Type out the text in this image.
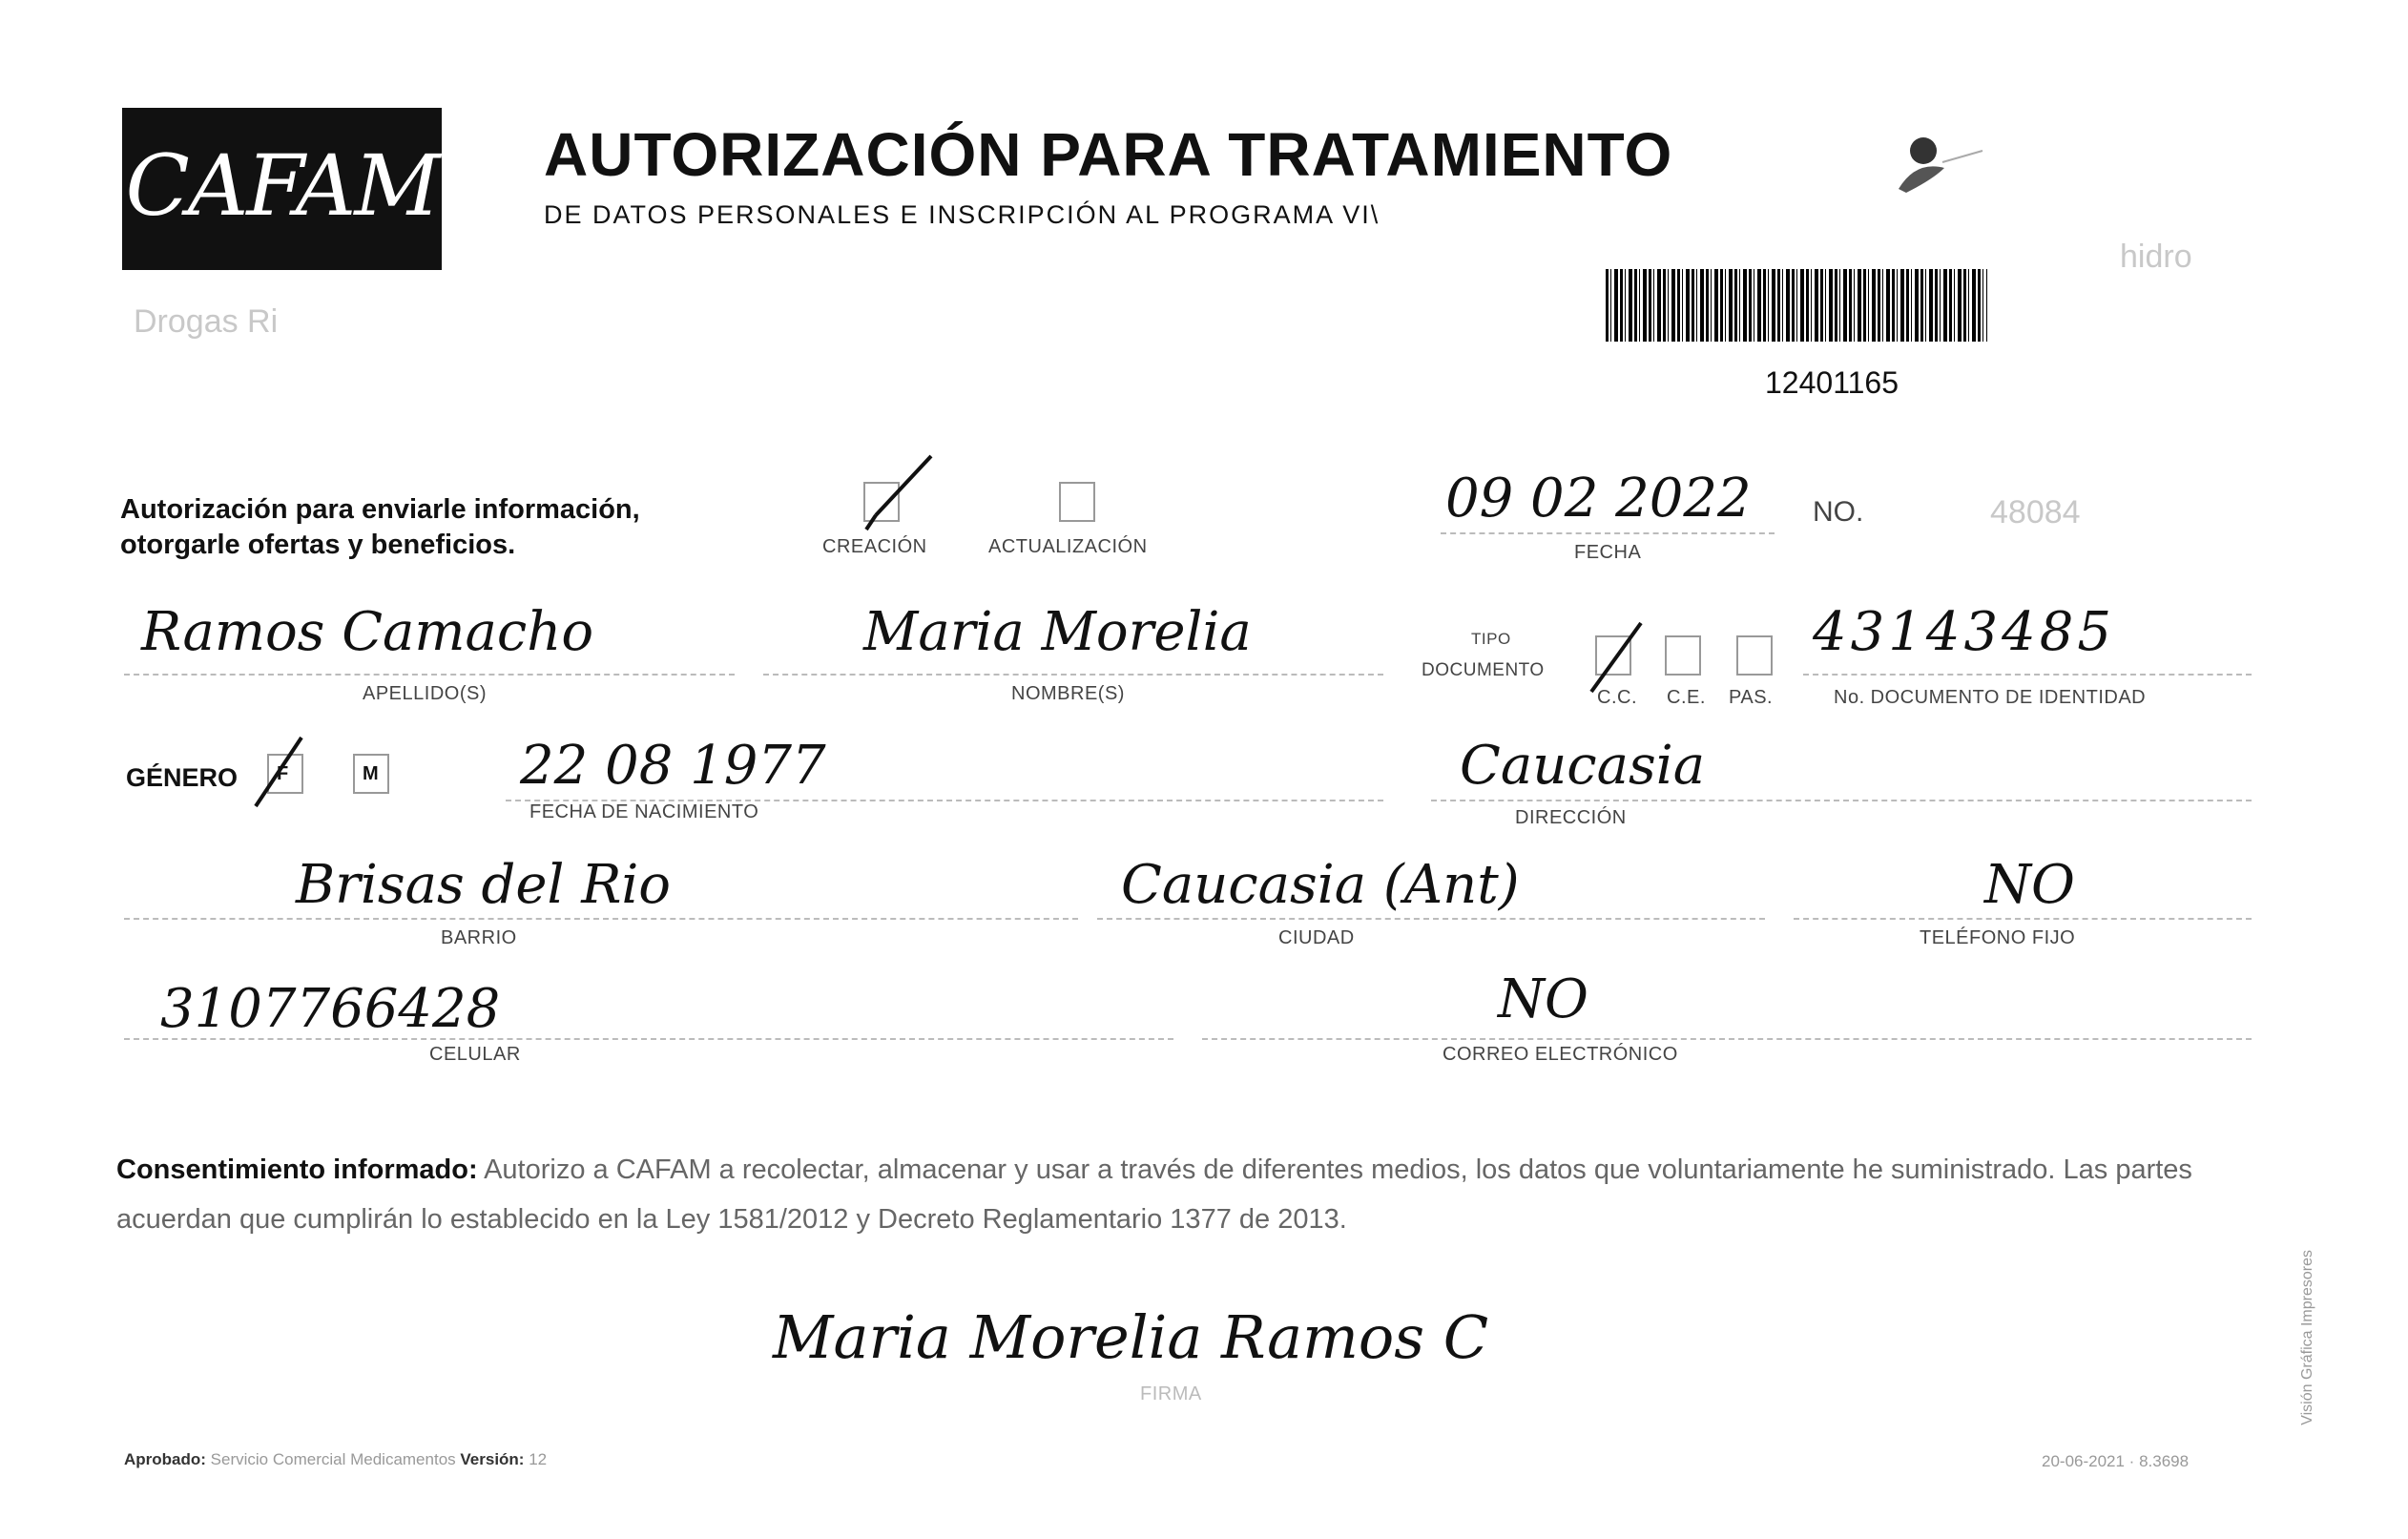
CAFAM AUTORIZACIÓN PARA TRATAMIENTO
DE DATOS PERSONALES E INSCRIPCIÓN AL PROGRAMA VI\
Drogas Ri
hidro
12401165
Autorización para enviarle información,
otorgarle ofertas y beneficios.	CREACIÓN	ACTUALIZACIÓN
09 02 2022
FECHA
NO.	48084
Ramos Camacho
APELLIDO(S)
Maria Morelia
NOMBRE(S)
TIPO
DOCUMENTO
C.C. C.E. PAS.
43143485
No. DOCUMENTO DE IDENTIDAD
GÉNERO F	M	22 08 1977
FECHA DE NACIMIENTO
Caucasia
DIRECCIÓN
Brisas del Rio
BARRIO
Caucasia (Ant)
CIUDAD
NO
TELÉFONO FIJO
3107766428
CELULAR
NO
CORREO ELECTRÓNICO
Consentimiento informado: Autorizo a CAFAM a recolectar, almacenar y usar a través de diferentes medios, los datos que voluntariamente he suministrado. Las partes acuerdan que cumplirán lo establecido en la Ley 1581/2012 y Decreto Reglamentario 1377 de 2013.
Maria Morelia Ramos C
FIRMA
Aprobado: Servicio Comercial Medicamentos Versión: 12	20-06-2021 · 8.3698
Visión Gráfica Impresores
